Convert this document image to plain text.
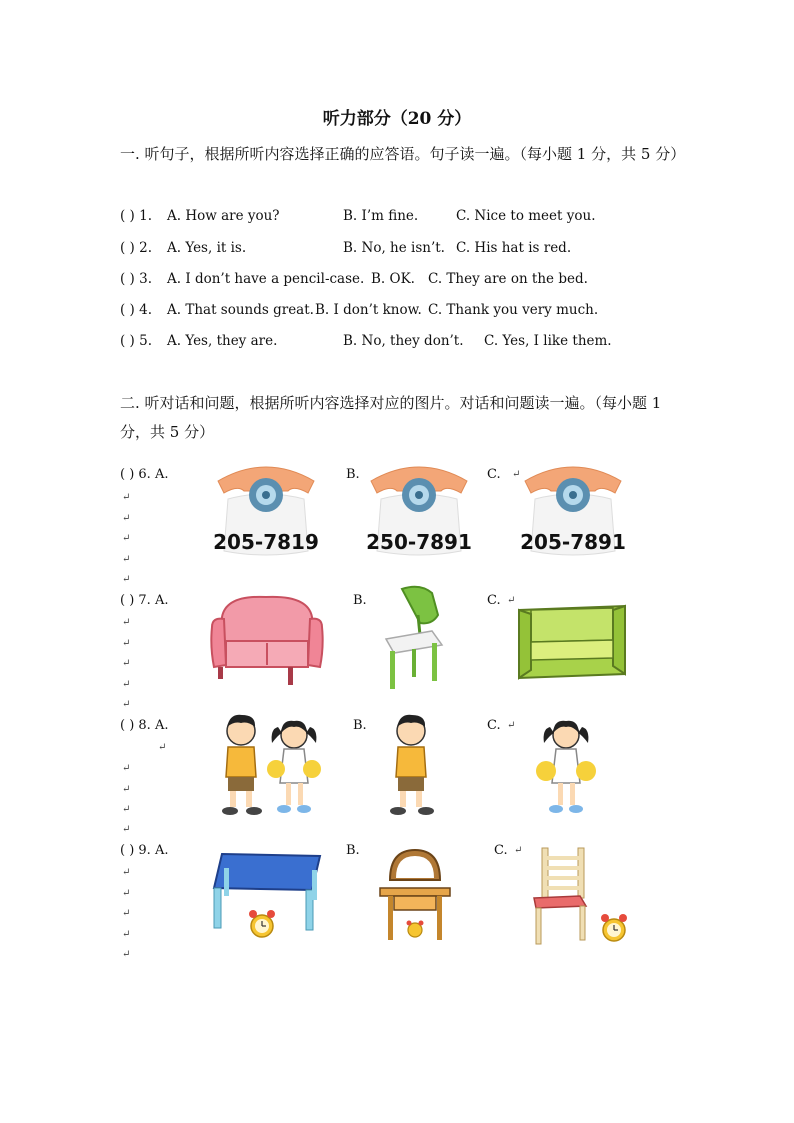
听力部分（20 分）
一. 听句子，根据所听内容选择正确的应答语。句子读一遍。（每小题 1 分，共 5 分）
( ) 1. A. How are you?	B. I’m fine.	C. Nice to meet you.
( ) 2. A. Yes, it is.	B. No, he isn’t. C. His hat is red.
( ) 3. A. I don’t have a pencil-case. B. OK. C. They are on the bed.
( ) 4. A. That sounds great. B. I don’t know. C. Thank you very much.
( ) 5. A. Yes, they are.	B. No, they don’t. C. Yes, I like them.
二. 听对话和问题，根据所听内容选择对应的图片。对话和问题读一遍。（每小题 1 分，共 5 分）
↵
↵
↵
↵
↵
↵
↵
↵
↵
↵
↵
↵
↵
↵
↵
↵
↵
↵
↵
↵
( ) 6. A.	B.	C. ↵
205-7819 250-7891 205-7891
( ) 7. A.	B.	C. ↵
( ) 8. A.	B.	C. ↵
( ) 9. A.	B.	C. ↵
